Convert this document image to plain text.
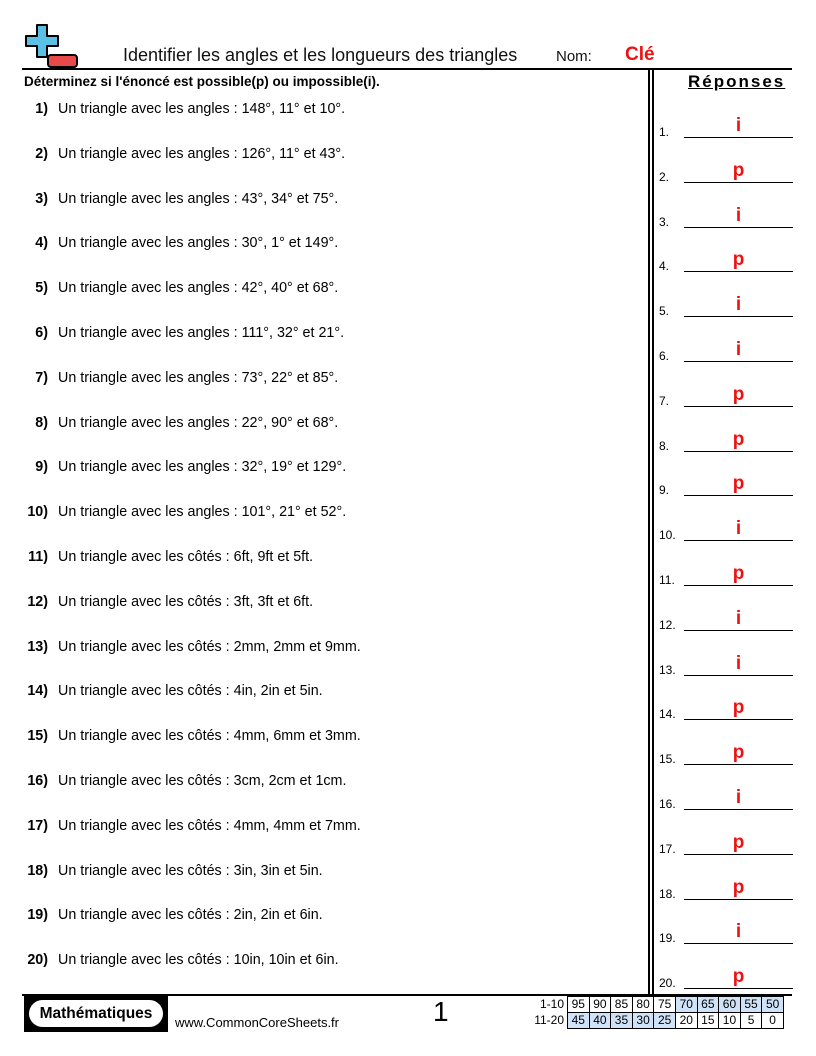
Identifier les angles et les longueurs des triangles	Nom: Clé
Déterminez si l'énoncé est possible(p) ou impossible(i).	Réponses
1) Un triangle avec les angles : 148°, 11° et 10°.
2) Un triangle avec les angles : 126°, 11° et 43°.
3) Un triangle avec les angles : 43°, 34° et 75°.
4) Un triangle avec les angles : 30°, 1° et 149°.
5) Un triangle avec les angles : 42°, 40° et 68°.
6) Un triangle avec les angles : 111°, 32° et 21°.
7) Un triangle avec les angles : 73°, 22° et 85°.
8) Un triangle avec les angles : 22°, 90° et 68°.
9) Un triangle avec les angles : 32°, 19° et 129°.
10) Un triangle avec les angles : 101°, 21° et 52°.
11) Un triangle avec les côtés : 6ft, 9ft et 5ft.
12) Un triangle avec les côtés : 3ft, 3ft et 6ft.
13) Un triangle avec les côtés : 2mm, 2mm et 9mm.
14) Un triangle avec les côtés : 4in, 2in et 5in.
15) Un triangle avec les côtés : 4mm, 6mm et 3mm.
16) Un triangle avec les côtés : 3cm, 2cm et 1cm.
17) Un triangle avec les côtés : 4mm, 4mm et 7mm.
18) Un triangle avec les côtés : 3in, 3in et 5in.
19) Un triangle avec les côtés : 2in, 2in et 6in.
20) Un triangle avec les côtés : 10in, 10in et 6in.
1.	i
2.	p
3.	i
4.	p
5.	i
6.	i
7.	p
8.	p
9.	p
10.	i
11.	p
12.	i
13.	i
14.	p
15.	p
16.	i
17.	p
18.	p
19.	i
20.	p
Mathématiques
www.CommonCoreSheets.fr	1	1-10	95	90	85	80	75	70	65	60	55	50
11-20	45	40	35	30	25	20	15	10	5	0
